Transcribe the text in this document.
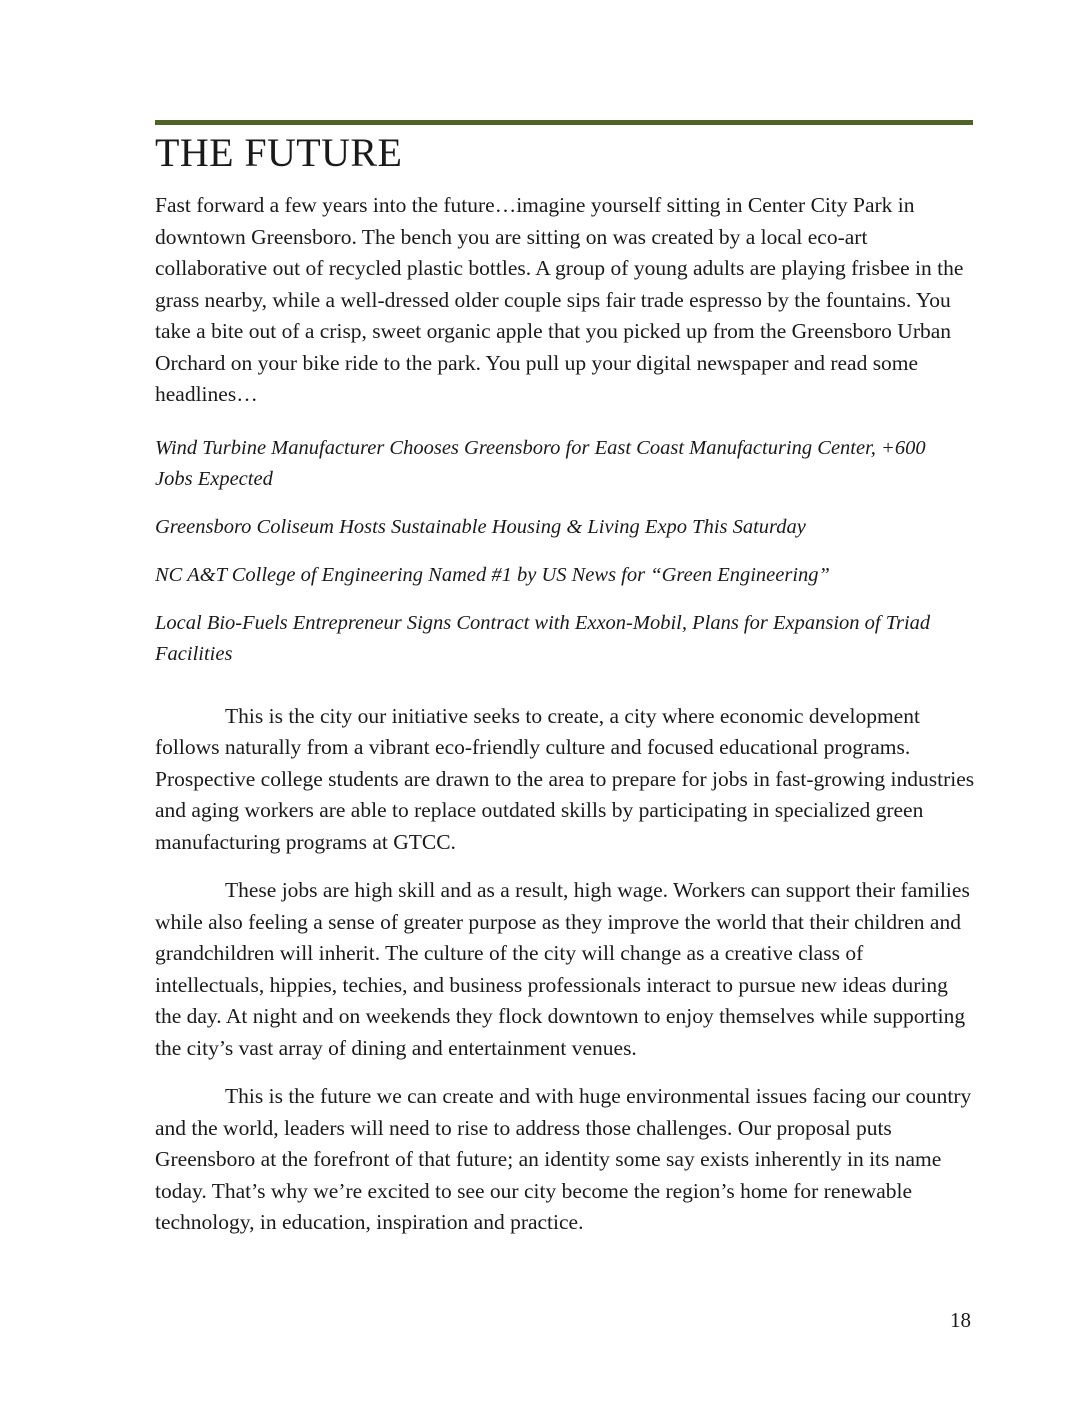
THE FUTURE

Fast forward a few years into the future…imagine yourself sitting in Center City Park in downtown Greensboro. The bench you are sitting on was created by a local eco-art collaborative out of recycled plastic bottles. A group of young adults are playing frisbee in the grass nearby, while a well-dressed older couple sips fair trade espresso by the fountains. You take a bite out of a crisp, sweet organic apple that you picked up from the Greensboro Urban Orchard on your bike ride to the park. You pull up your digital newspaper and read some headlines…

Wind Turbine Manufacturer Chooses Greensboro for East Coast Manufacturing Center, +600 Jobs Expected

Greensboro Coliseum Hosts Sustainable Housing & Living Expo This Saturday

NC A&T College of Engineering Named #1 by US News for “Green Engineering”

Local Bio-Fuels Entrepreneur Signs Contract with Exxon-Mobil, Plans for Expansion of Triad Facilities

This is the city our initiative seeks to create, a city where economic development follows naturally from a vibrant eco-friendly culture and focused educational programs. Prospective college students are drawn to the area to prepare for jobs in fast-growing industries and aging workers are able to replace outdated skills by participating in specialized green manufacturing programs at GTCC.

These jobs are high skill and as a result, high wage. Workers can support their families while also feeling a sense of greater purpose as they improve the world that their children and grandchildren will inherit. The culture of the city will change as a creative class of intellectuals, hippies, techies, and business professionals interact to pursue new ideas during the day. At night and on weekends they flock downtown to enjoy themselves while supporting the city’s vast array of dining and entertainment venues.

This is the future we can create and with huge environmental issues facing our country and the world, leaders will need to rise to address those challenges. Our proposal puts Greensboro at the forefront of that future; an identity some say exists inherently in its name today. That’s why we’re excited to see our city become the region’s home for renewable technology, in education, inspiration and practice.

18
